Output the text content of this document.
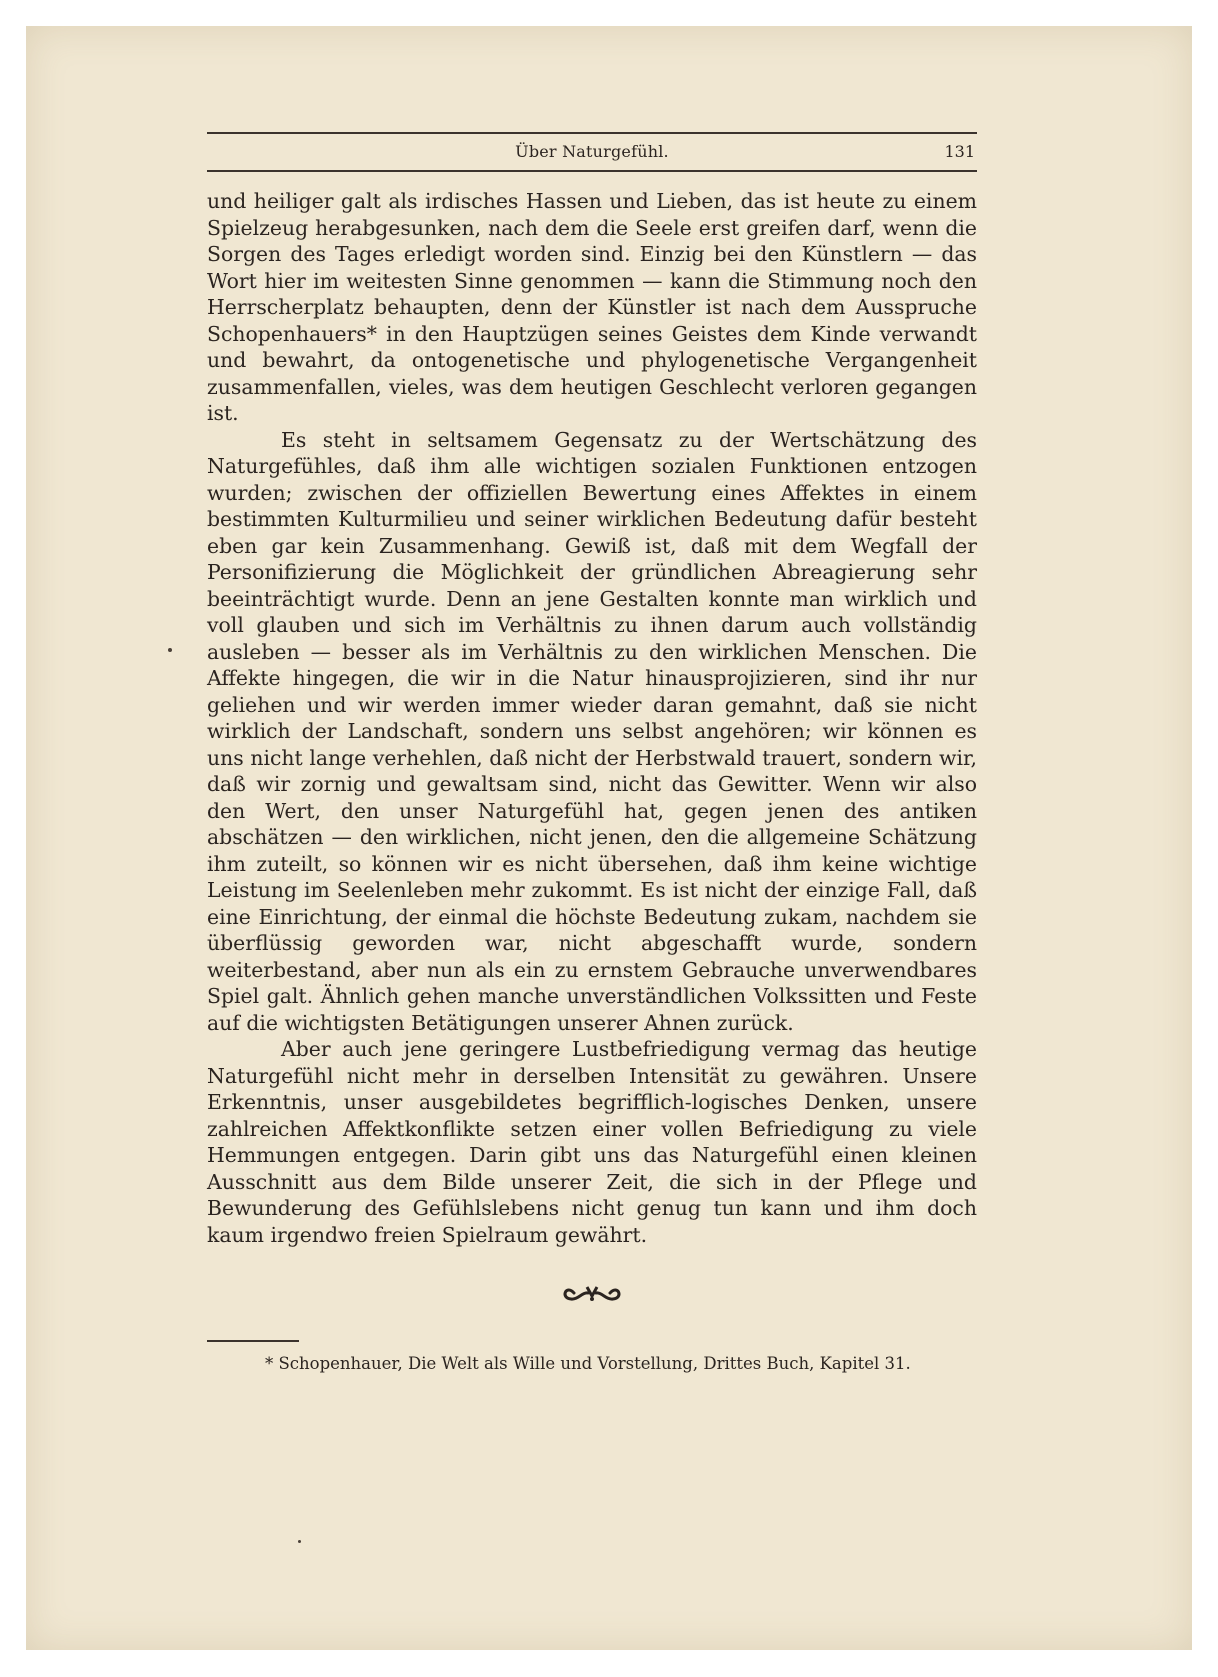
Über Naturgefühl.	131

und heiliger galt als irdisches Hassen und Lieben, das ist heute zu einem Spielzeug herabgesunken, nach dem die Seele erst greifen darf, wenn die Sorgen des Tages erledigt worden sind. Einzig bei den Künstlern — das Wort hier im weitesten Sinne genommen — kann die Stimmung noch den Herrscherplatz behaupten, denn der Künstler ist nach dem Ausspruche Schopenhauers* in den Hauptzügen seines Geistes dem Kinde verwandt und bewahrt, da ontogenetische und phylogenetische Vergangenheit zusammenfallen, vieles, was dem heutigen Geschlecht verloren gegangen ist.

Es steht in seltsamem Gegensatz zu der Wertschätzung des Naturgefühles, daß ihm alle wichtigen sozialen Funktionen entzogen wurden; zwischen der offiziellen Bewertung eines Affektes in einem bestimmten Kulturmilieu und seiner wirklichen Bedeutung dafür besteht eben gar kein Zusammenhang. Gewiß ist, daß mit dem Wegfall der Personifizierung die Möglichkeit der gründlichen Abreagierung sehr beeinträchtigt wurde. Denn an jene Gestalten konnte man wirklich und voll glauben und sich im Verhältnis zu ihnen darum auch vollständig ausleben — besser als im Verhältnis zu den wirklichen Menschen. Die Affekte hingegen, die wir in die Natur hinausprojizieren, sind ihr nur geliehen und wir werden immer wieder daran gemahnt, daß sie nicht wirklich der Landschaft, sondern uns selbst angehören; wir können es uns nicht lange verhehlen, daß nicht der Herbstwald trauert, sondern wir, daß wir zornig und gewaltsam sind, nicht das Gewitter. Wenn wir also den Wert, den unser Naturgefühl hat, gegen jenen des antiken abschätzen — den wirklichen, nicht jenen, den die allgemeine Schätzung ihm zuteilt, so können wir es nicht übersehen, daß ihm keine wichtige Leistung im Seelenleben mehr zukommt. Es ist nicht der einzige Fall, daß eine Einrichtung, der einmal die höchste Bedeutung zukam, nachdem sie überflüssig geworden war, nicht abgeschafft wurde, sondern weiterbestand, aber nun als ein zu ernstem Gebrauche unverwendbares Spiel galt. Ähnlich gehen manche unverständlichen Volkssitten und Feste auf die wichtigsten Betätigungen unserer Ahnen zurück.

Aber auch jene geringere Lustbefriedigung vermag das heutige Naturgefühl nicht mehr in derselben Intensität zu gewähren. Unsere Erkenntnis, unser ausgebildetes begrifflich-logisches Denken, unsere zahlreichen Affektkonflikte setzen einer vollen Befriedigung zu viele Hemmungen entgegen. Darin gibt uns das Naturgefühl einen kleinen Ausschnitt aus dem Bilde unserer Zeit, die sich in der Pflege und Bewunderung des Gefühlslebens nicht genug tun kann und ihm doch kaum irgendwo freien Spielraum gewährt.

* Schopenhauer, Die Welt als Wille und Vorstellung, Drittes Buch, Kapitel 31.
